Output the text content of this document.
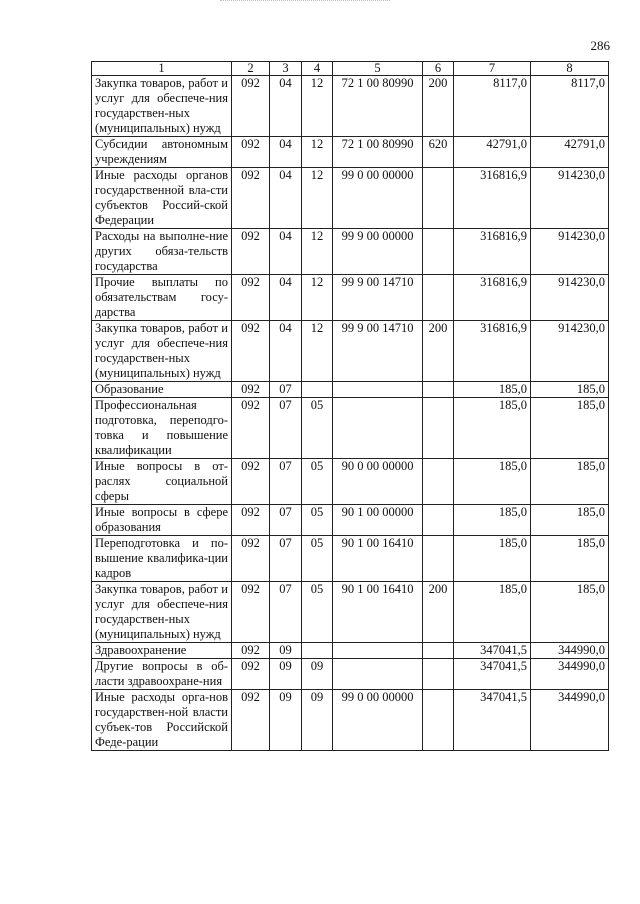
286
1	2	3	4	5	6	7	8
Закупка товаров, работ и услуг для обеспече-ния государствен-ных (муниципальных) нужд	092	04	12	72 1 00 80990	200	8117,0	8117,0
Субсидии автономным учреждениям	092	04	12	72 1 00 80990	620	42791,0	42791,0
Иные расходы органов государственной вла-сти субъектов Россий-ской Федерации	092	04	12	99 0 00 00000		316816,9	914230,0
Расходы на выполне-ние других обяза-тельств государства	092	04	12	99 9 00 00000		316816,9	914230,0
Прочие выплаты по обязательствам госу-дарства	092	04	12	99 9 00 14710		316816,9	914230,0
Закупка товаров, работ и услуг для обеспече-ния государствен-ных (муниципальных) нужд	092	04	12	99 9 00 14710	200	316816,9	914230,0
Образование	092	07				185,0	185,0
Профессиональная подготовка, переподго-товка и повышение квалификации	092	07	05			185,0	185,0
Иные вопросы в от-раслях социальной сферы	092	07	05	90 0 00 00000		185,0	185,0
Иные вопросы в сфере образования	092	07	05	90 1 00 00000		185,0	185,0
Переподготовка и по-вышение квалифика-ции кадров	092	07	05	90 1 00 16410		185,0	185,0
Закупка товаров, работ и услуг для обеспече-ния государствен-ных (муниципальных) нужд	092	07	05	90 1 00 16410	200	185,0	185,0
Здравоохранение	092	09				347041,5	344990,0
Другие вопросы в об-ласти здравоохране-ния	092	09	09			347041,5	344990,0
Иные расходы орга-нов государствен-ной власти субъек-тов Российской Феде-рации	092	09	09	99 0 00 00000		347041,5	344990,0
